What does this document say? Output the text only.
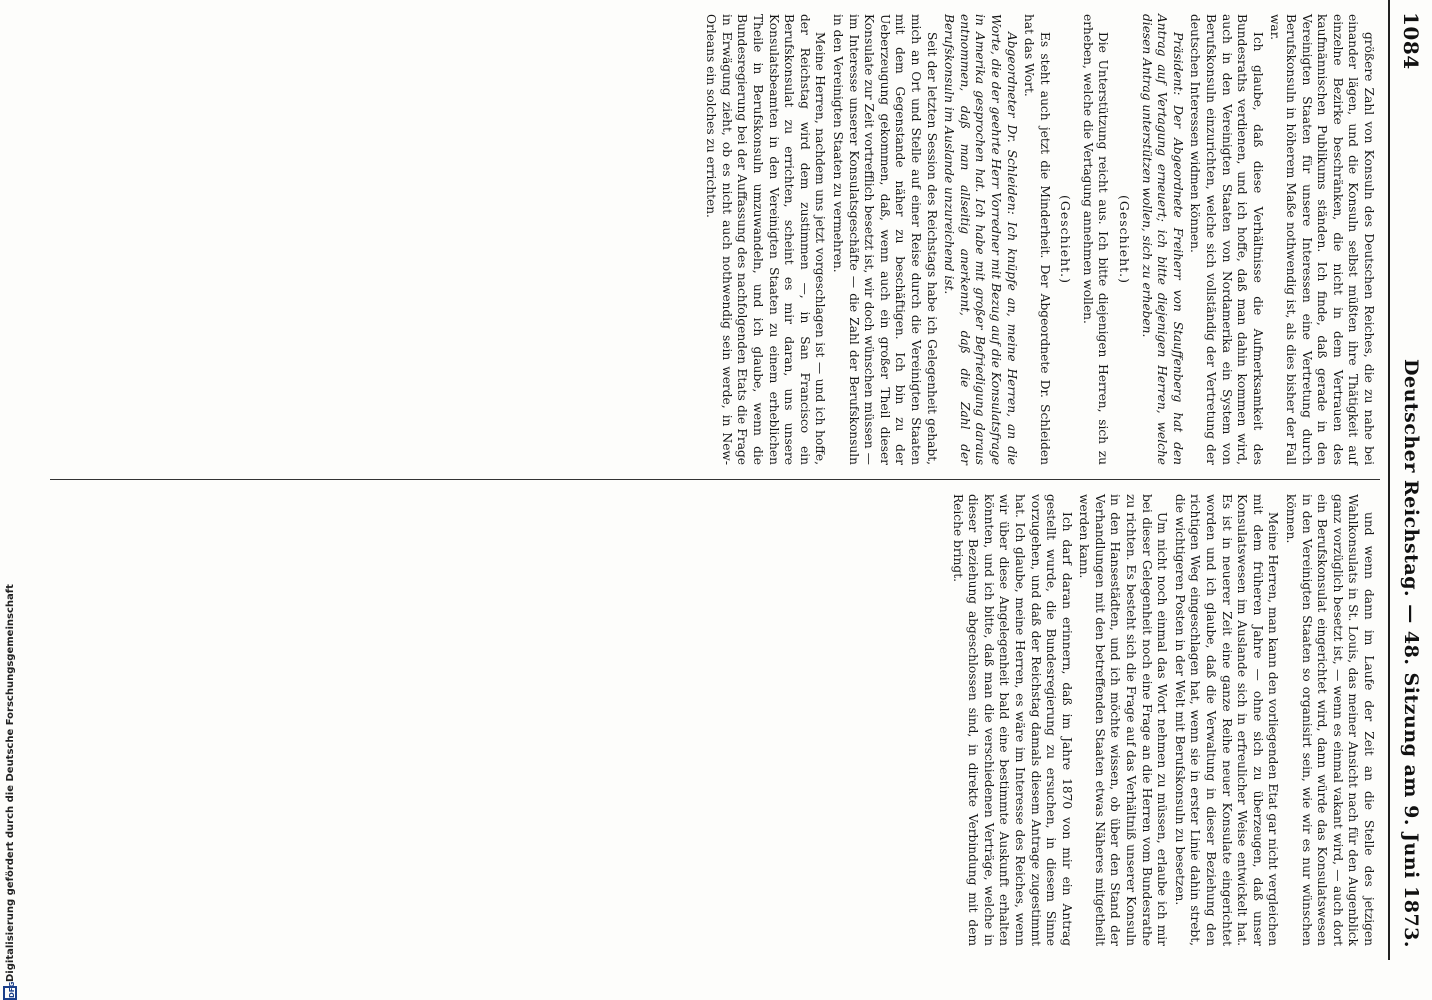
1084
Deutscher Reichstag. — 48. Sitzung am 9. Juni 1873.

größere Zahl von Konsuln des Deutschen Reiches, die zu nahe bei einander lägen, und die Konsuln selbst müßten ihre Thätigkeit auf einzelne Bezirke beschränken, die nicht in dem Vertrauen des kaufmännischen Publikums ständen. Ich finde, daß gerade in den Vereinigten Staaten für unsere Interessen eine Vertretung durch Berufskonsuln in höherem Maße nothwendig ist, als dies bisher der Fall war.

Ich glaube, daß diese Verhältnisse die Aufmerksamkeit des Bundesraths verdienen, und ich hoffe, daß man dahin kommen wird, auch in den Vereinigten Staaten von Nordamerika ein System von Berufskonsuln einzurichten, welche sich vollständig der Vertretung der deutschen Interessen widmen können.

Präsident: Der Abgeordnete Freiherr von Stauffenberg hat den Antrag auf Vertagung erneuert; ich bitte diejenigen Herren, welche diesen Antrag unterstützen wollen, sich zu erheben.

(Geschieht.)

Die Unterstützung reicht aus. Ich bitte diejenigen Herren, sich zu erheben, welche die Vertagung annehmen wollen.

(Geschieht.)

Es steht auch jetzt die Minderheit. Der Abgeordnete Dr. Schleiden hat das Wort.

Abgeordneter Dr. Schleiden: Ich knüpfe an, meine Herren, an die Worte, die der geehrte Herr Vorredner mit Bezug auf die Konsulatsfrage in Amerika gesprochen hat. Ich habe mit großer Befriedigung daraus entnommen, daß man allseitig anerkennt, daß die Zahl der Berufskonsuln im Auslande unzureichend ist.

Seit der letzten Session des Reichstags habe ich Gelegenheit gehabt, mich an Ort und Stelle auf einer Reise durch die Vereinigten Staaten mit dem Gegenstande näher zu beschäftigen. Ich bin zu der Ueberzeugung gekommen, daß, wenn auch ein großer Theil dieser Konsulate zur Zeit vortrefflich besetzt ist, wir doch wünschen müssen — im Interesse unserer Konsulatsgeschäfte — die Zahl der Berufskonsuln in den Vereinigten Staaten zu vermehren.

Meine Herren, nachdem uns jetzt vorgeschlagen ist — und ich hoffe, der Reichstag wird dem zustimmen —, in San Francisco ein Berufskonsulat zu errichten, scheint es mir daran, uns unsere Konsulatsbeamten in den Vereinigten Staaten zu einem erheblichen Theile in Berufskonsuln umzuwandeln, und ich glaube, wenn die Bundesregierung bei der Auffassung des nachfolgenden Etats die Frage in Erwägung zieht, ob es nicht auch nothwendig sein werde, in New-Orleans ein solches zu errichten.

und wenn dann im Laufe der Zeit an die Stelle des jetzigen Wahlkonsulats in St. Louis, das meiner Ansicht nach für den Augenblick ganz vorzüglich besetzt ist, — wenn es einmal vakant wird, — auch dort ein Berufskonsulat eingerichtet wird, dann würde das Konsulatswesen in den Vereinigten Staaten so organisirt sein, wie wir es nur wünschen können.

Meine Herren, man kann den vorliegenden Etat gar nicht vergleichen mit dem früheren Jahre — ohne sich zu überzeugen, daß unser Konsulatswesen im Auslande sich in erfreulicher Weise entwickelt hat. Es ist in neuerer Zeit eine ganze Reihe neuer Konsulate eingerichtet worden und ich glaube, daß die Verwaltung in dieser Beziehung den richtigen Weg eingeschlagen hat, wenn sie in erster Linie dahin strebt, die wichtigeren Posten in der Welt mit Berufskonsuln zu besetzen.

Um nicht noch einmal das Wort nehmen zu müssen, erlaube ich mir bei dieser Gelegenheit noch eine Frage an die Herren vom Bundesrathe zu richten. Es besteht sich die Frage auf das Verhältniß unserer Konsuln in den Hansestädten, und ich möchte wissen, ob über den Stand der Verhandlungen mit den betreffenden Staaten etwas Näheres mitgetheilt werden kann.

Ich darf daran erinnern, daß im Jahre 1870 von mir ein Antrag gestellt wurde, die Bundesregierung zu ersuchen, in diesem Sinne vorzugehen, und daß der Reichstag damals diesem Antrage zugestimmt hat. Ich glaube, meine Herren, es wäre im Interesse des Reiches, wenn wir über diese Angelegenheit bald eine bestimmte Auskunft erhalten könnten, und ich bitte, daß man die verschiedenen Verträge, welche in dieser Beziehung abgeschlossen sind, in direkte Verbindung mit dem Reiche bringt.

DFG
Digitalisierung gefördert durch die Deutsche Forschungsgemeinschaft
